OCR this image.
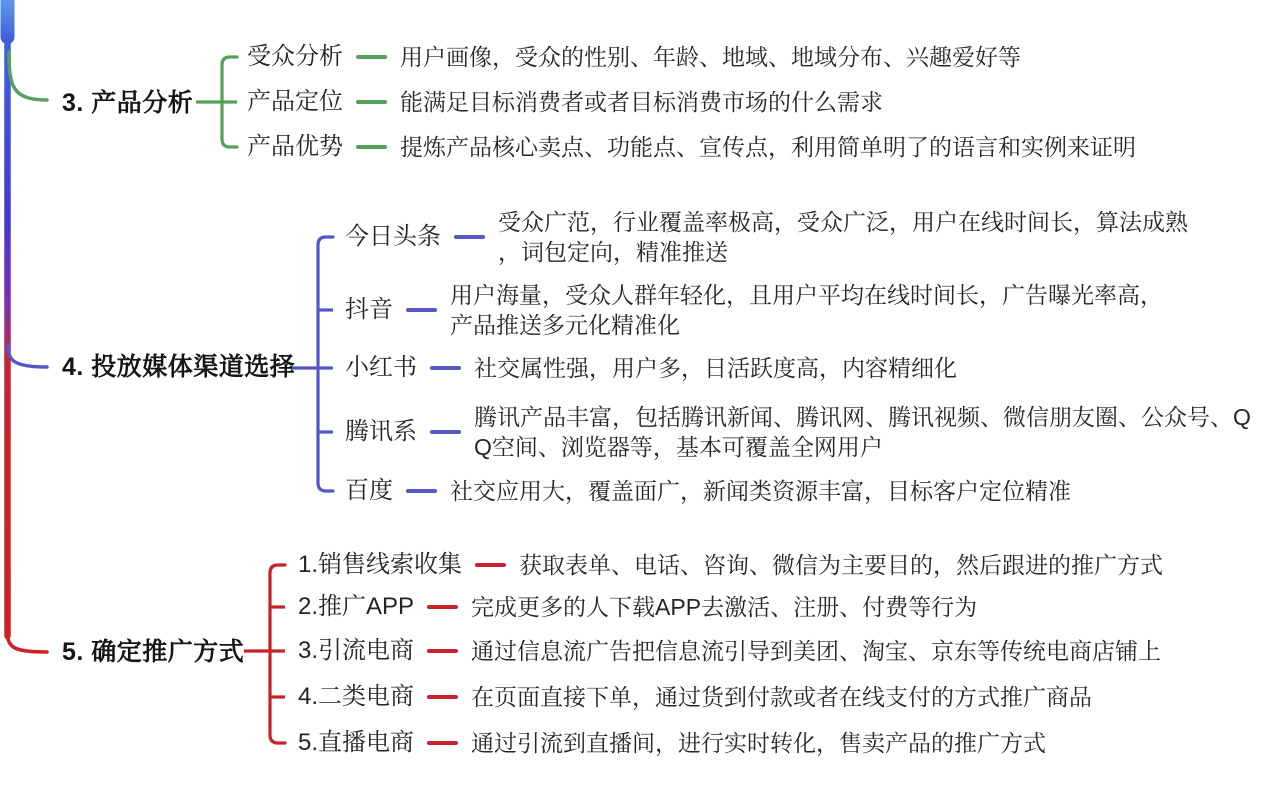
3. 产品分析
受众分析 用户画像，受众的性别、年龄、地域、地域分布、兴趣爱好等
产品定位 能满足目标消费者或者目标消费市场的什么需求
产品优势 提炼产品核心卖点、功能点、宣传点，利用简单明了的语言和实例来证明
4. 投放媒体渠道选择
今日头条
受众广范，行业覆盖率极高，受众广泛，用户在线时间长，算法成熟，词包定向，精准推送
抖音
用户海量，受众人群年轻化，且用户平均在线时间长，广告曝光率高，产品推送多元化精准化
小红书 社交属性强，用户多，日活跃度高，内容精细化
腾讯系
腾讯产品丰富，包括腾讯新闻、腾讯网、腾讯视频、微信朋友圈、公众号、QQ空间、浏览器等，基本可覆盖全网用户
百度 社交应用大，覆盖面广，新闻类资源丰富，目标客户定位精准
5. 确定推广方式
1.销售线索收集 获取表单、电话、咨询、微信为主要目的，然后跟进的推广方式
2.推广APP 完成更多的人下载APP去激活、注册、付费等行为
3.引流电商 通过信息流广告把信息流引导到美团、淘宝、京东等传统电商店铺上
4.二类电商 在页面直接下单，通过货到付款或者在线支付的方式推广商品
5.直播电商 通过引流到直播间，进行实时转化，售卖产品的推广方式
